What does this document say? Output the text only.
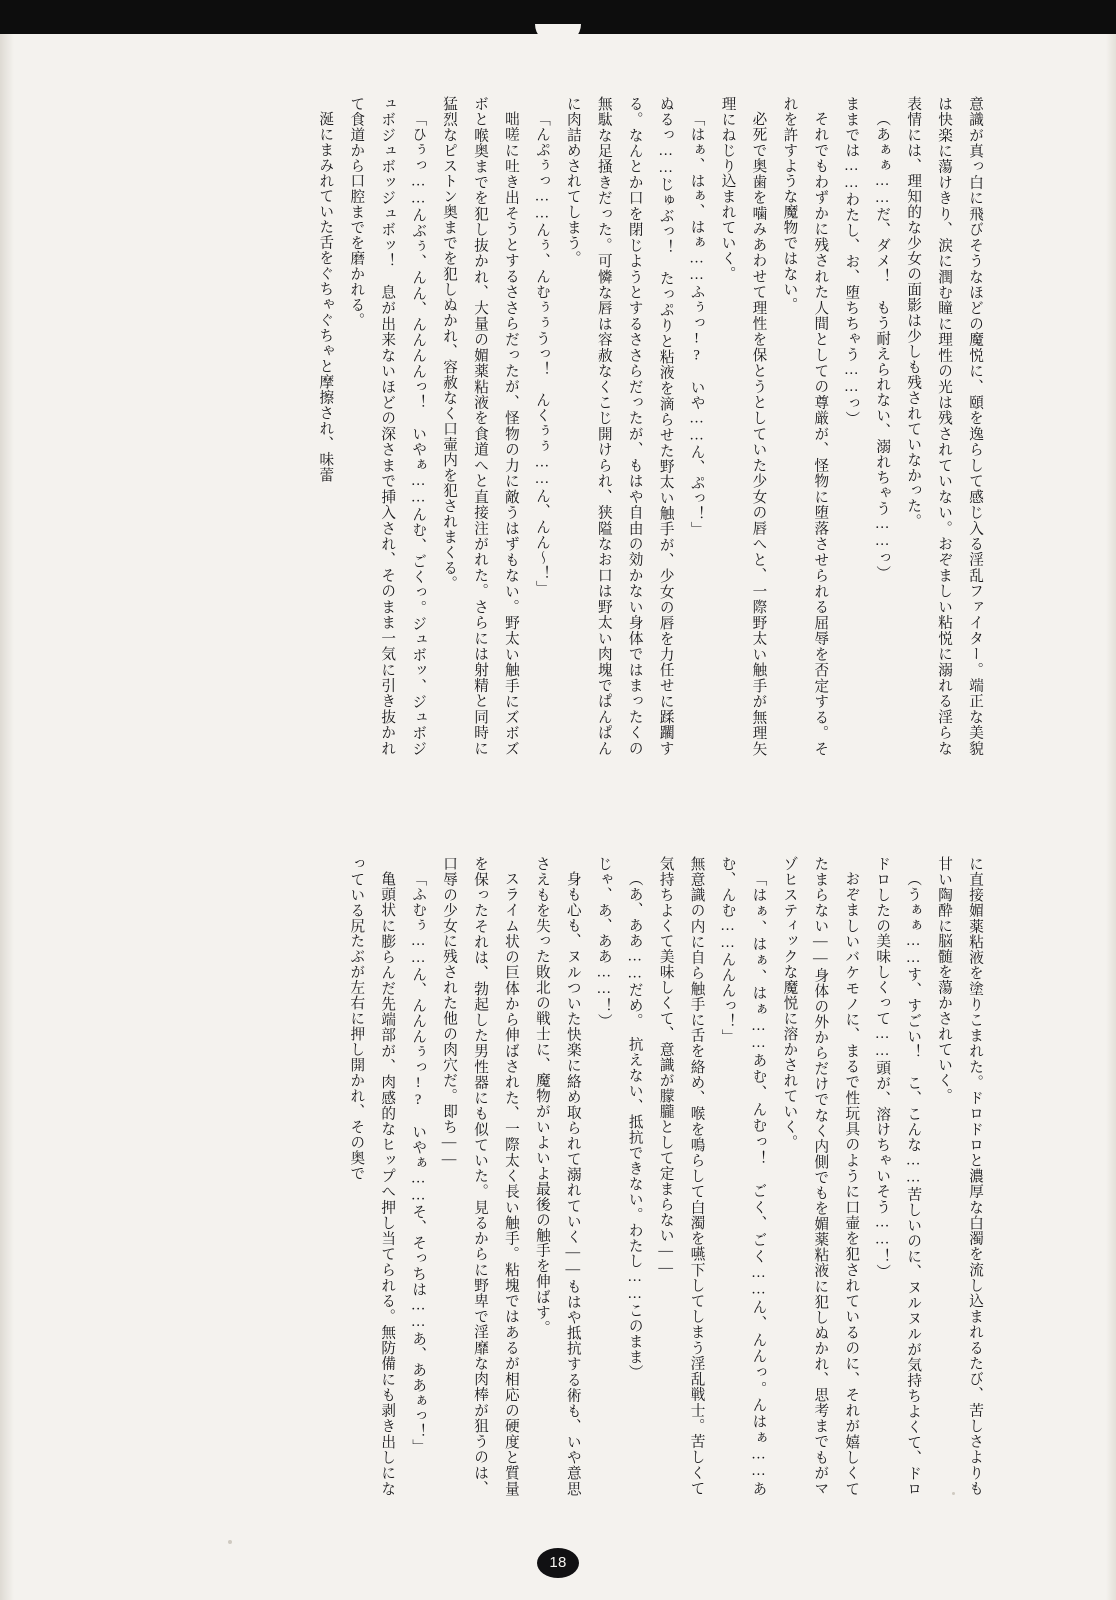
意識が真っ白に飛びそうなほどの魔悦に、頤を逸らして感じ入る淫乱ファイター。端正な美貌は快楽に蕩けきり、涙に潤む瞳に理性の光は残されていない。おぞましい粘悦に溺れる淫らな表情には、理知的な少女の面影は少しも残されていなかった。

（あぁぁ……だ、ダメ！　もう耐えられない、溺れちゃう……っ）

ままでは……わたし、お、堕ちちゃう……っ）

それでもわずかに残された人間としての尊厳が、怪物に堕落させられる屈辱を否定する。それを許すような魔物ではない。

必死で奥歯を噛みあわせて理性を保とうとしていた少女の唇へと、一際野太い触手が無理矢理にねじり込まれていく。

「はぁ、はぁ、はぁ……ふぅっ!?　いや……ん、ぷっ！」

ぬるっ……じゅぶっ！　たっぷりと粘液を滴らせた野太い触手が、少女の唇を力任せに蹂躙する。なんとか口を閉じようとするささらだったが、もはや自由の効かない身体ではまったくの無駄な足掻きだった。可憐な唇は容赦なくこじ開けられ、狭隘なお口は野太い肉塊でぱんぱんに肉詰めされてしまう。

「んぷぅっ……んぅ、んむぅぅうっ！　んくぅぅ……ん、んん～！」

咄嗟に吐き出そうとするささらだったが、怪物の力に敵うはずもない。野太い触手にズボズボと喉奥までを犯し抜かれ、大量の媚薬粘液を食道へと直接注がれた。さらには射精と同時に猛烈なピストン奥までを犯しぬかれ、容赦なく口壷内を犯されまくる。

「ひぅっ……んぶぅ、んん、んんんんっ！　いやぁ……んむ、ごくっ。ジュボッ、ジュボジュボジュボッジュボッ！　息が出来ないほどの深さまで挿入され、そのまま一気に引き抜かれて食道から口腔までを磨かれる。

涎にまみれていた舌をぐちゃぐちゃと摩擦され、味蕾

に直接媚薬粘液を塗りこまれた。ドロドロと濃厚な白濁を流し込まれるたび、苦しさよりも甘い陶酔に脳髄を蕩かされていく。

（うぁぁ……す、すごい！　こ、こんな……苦しいのに、ヌルヌルが気持ちよくて、ドロドロしたの美味しくって……頭が、溶けちゃいそう……！）

おぞましいバケモノに、まるで性玩具のように口壷を犯されているのに、それが嬉しくてたまらない――身体の外からだけでなく内側でもを媚薬粘液に犯しぬかれ、思考までもがマゾヒスティックな魔悦に溶かされていく。

「はぁ、はぁ、はぁ……あむ、んむっ！　ごく、ごく……ん、んんっ。んはぁ……あむ、んむ……んんんっ！」

無意識の内に自ら触手に舌を絡め、喉を鳴らして白濁を嚥下してしまう淫乱戦士。苦しくて気持ちよくて美味しくて、意識が朦朧として定まらない――

（あ、ああ……だめ。　抗えない、抵抗できない。わたし……このまま）

じゃ、あ、ああ……！）

身も心も、ヌルついた快楽に絡め取られて溺れていく――もはや抵抗する術も、いや意思さえもを失った敗北の戦士に、魔物がいよいよ最後の触手を伸ばす。

スライム状の巨体から伸ばされた、一際太く長い触手。粘塊ではあるが相応の硬度と質量を保ったそれは、勃起した男性器にも似ていた。見るからに野卑で淫靡な肉棒が狙うのは、口辱の少女に残された他の肉穴だ。即ち――

「ふむぅ……ん、んんんぅっ!?　いやぁ……そ、そっちは……あ、ああぁっ！」

亀頭状に膨らんだ先端部が、肉感的なヒップへ押し当てられる。無防備にも剥き出しになっている尻たぶが左右に押し開かれ、その奥で

18
